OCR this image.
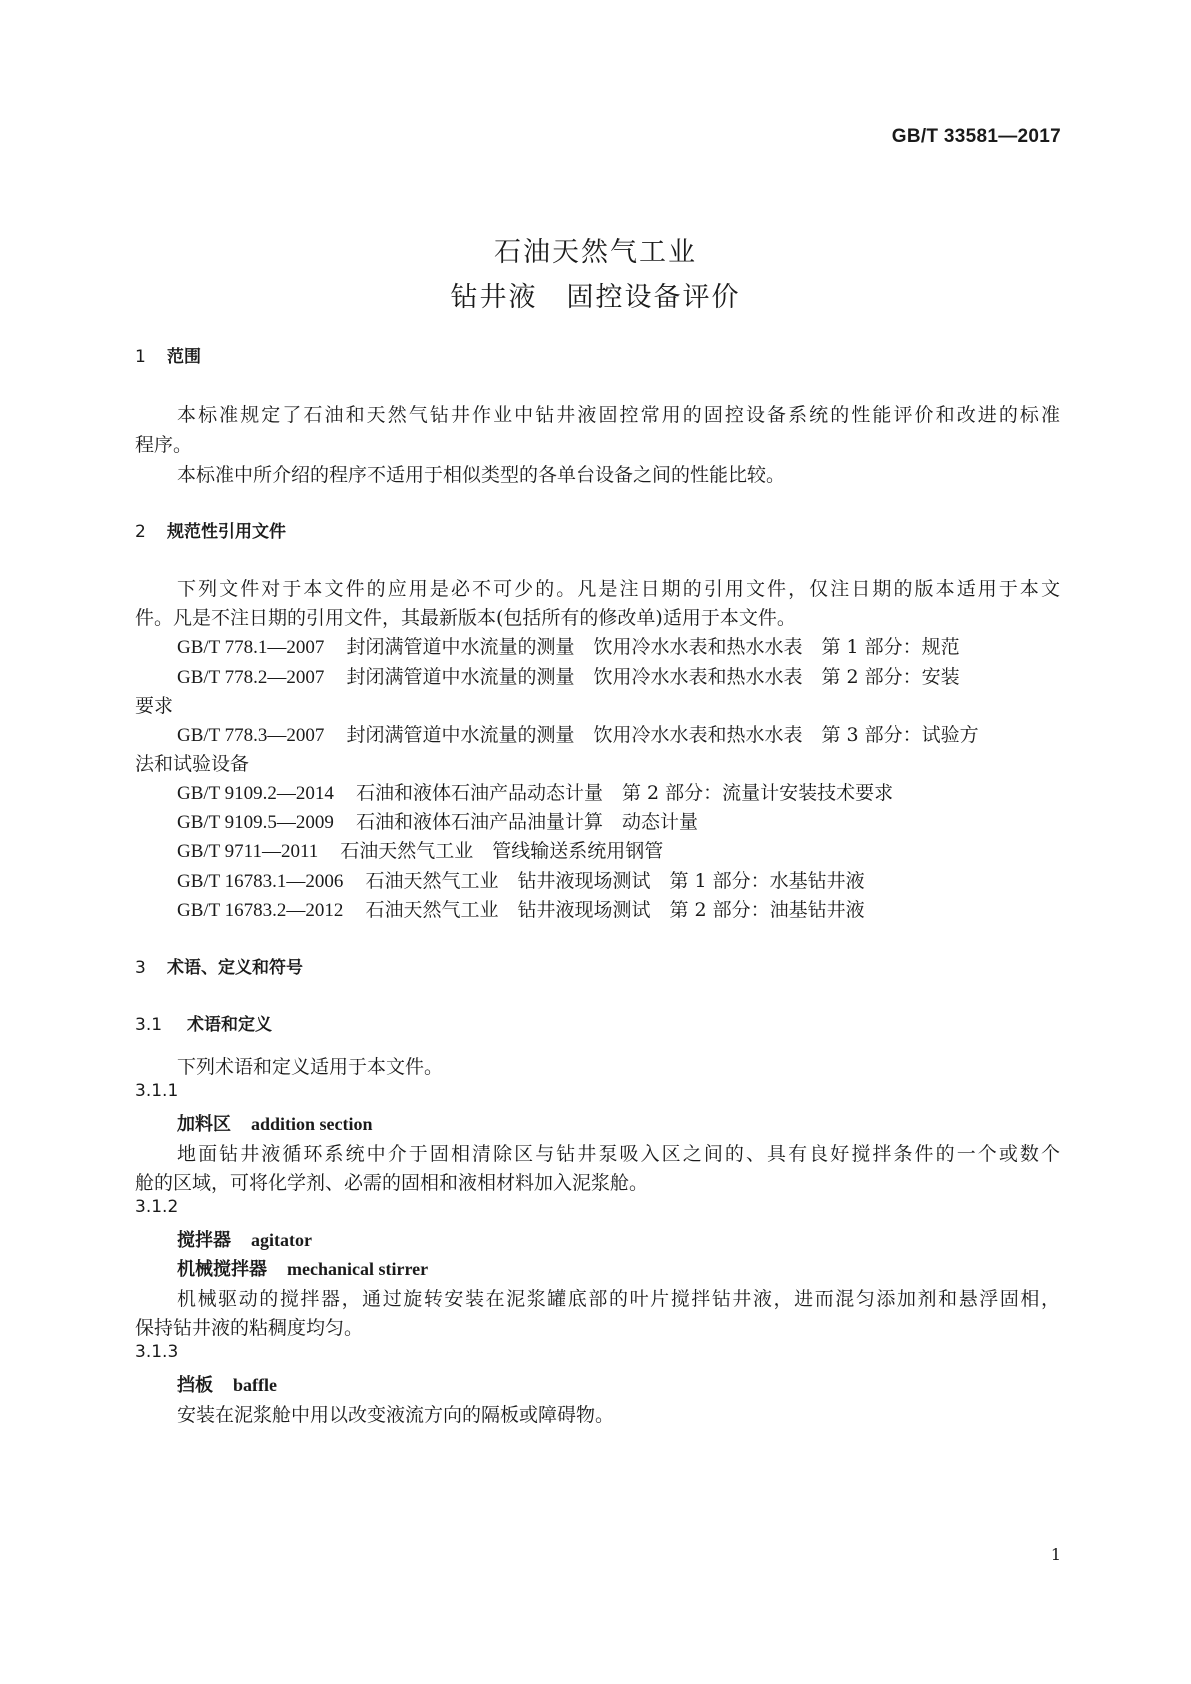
GB/T 33581—2017
石油天然气工业
钻井液　固控设备评价
1 范围
本标准规定了石油和天然气钻井作业中钻井液固控常用的固控设备系统的性能评价和改进的标准
程序。
本标准中所介绍的程序不适用于相似类型的各单台设备之间的性能比较。
2 规范性引用文件
下列文件对于本文件的应用是必不可少的。凡是注日期的引用文件，仅注日期的版本适用于本文
件。凡是不注日期的引用文件，其最新版本(包括所有的修改单)适用于本文件。
GB/T 778.1—2007 封闭满管道中水流量的测量　饮用冷水水表和热水水表　第 1 部分：规范
GB/T 778.2—2007 封闭满管道中水流量的测量　饮用冷水水表和热水水表　第 2 部分：安装
要求
GB/T 778.3—2007 封闭满管道中水流量的测量　饮用冷水水表和热水水表　第 3 部分：试验方
法和试验设备
GB/T 9109.2—2014 石油和液体石油产品动态计量　第 2 部分：流量计安装技术要求
GB/T 9109.5—2009 石油和液体石油产品油量计算　动态计量
GB/T 9711—2011 石油天然气工业　管线输送系统用钢管
GB/T 16783.1—2006 石油天然气工业　钻井液现场测试　第 1 部分：水基钻井液
GB/T 16783.2—2012 石油天然气工业　钻井液现场测试　第 2 部分：油基钻井液
3 术语、定义和符号
3.1 术语和定义
下列术语和定义适用于本文件。
3.1.1
加料区 addition section
地面钻井液循环系统中介于固相清除区与钻井泵吸入区之间的、具有良好搅拌条件的一个或数个
舱的区域，可将化学剂、必需的固相和液相材料加入泥浆舱。
3.1.2
搅拌器 agitator
机械搅拌器 mechanical stirrer
机械驱动的搅拌器，通过旋转安装在泥浆罐底部的叶片搅拌钻井液，进而混匀添加剂和悬浮固相，
保持钻井液的粘稠度均匀。
3.1.3
挡板 baffle
安装在泥浆舱中用以改变液流方向的隔板或障碍物。
1
